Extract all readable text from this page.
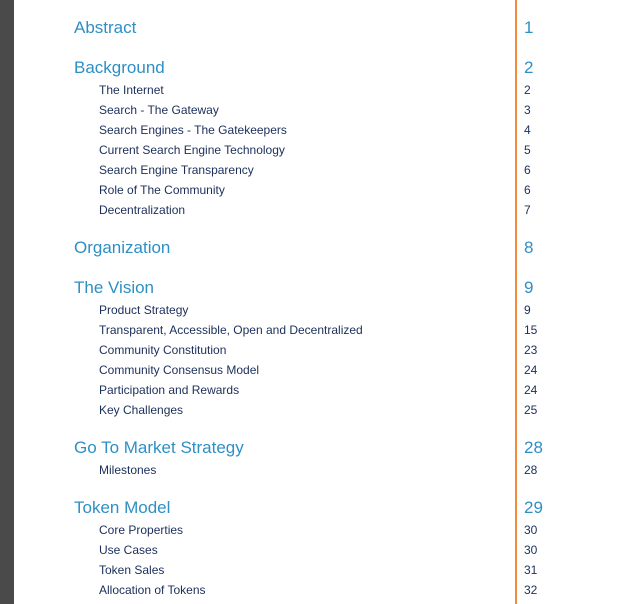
Abstract	1
Background	2
The Internet	2
Search - The Gateway	3
Search Engines - The Gatekeepers	4
Current Search Engine Technology	5
Search Engine Transparency	6
Role of The Community	6
Decentralization	7
Organization	8
The Vision	9
Product Strategy	9
Transparent, Accessible, Open and Decentralized	15
Community Constitution	23
Community Consensus Model	24
Participation and Rewards	24
Key Challenges	25
Go To Market Strategy	28
Milestones	28
Token Model	29
Core Properties	30
Use Cases	30
Token Sales	31
Allocation of Tokens	32
